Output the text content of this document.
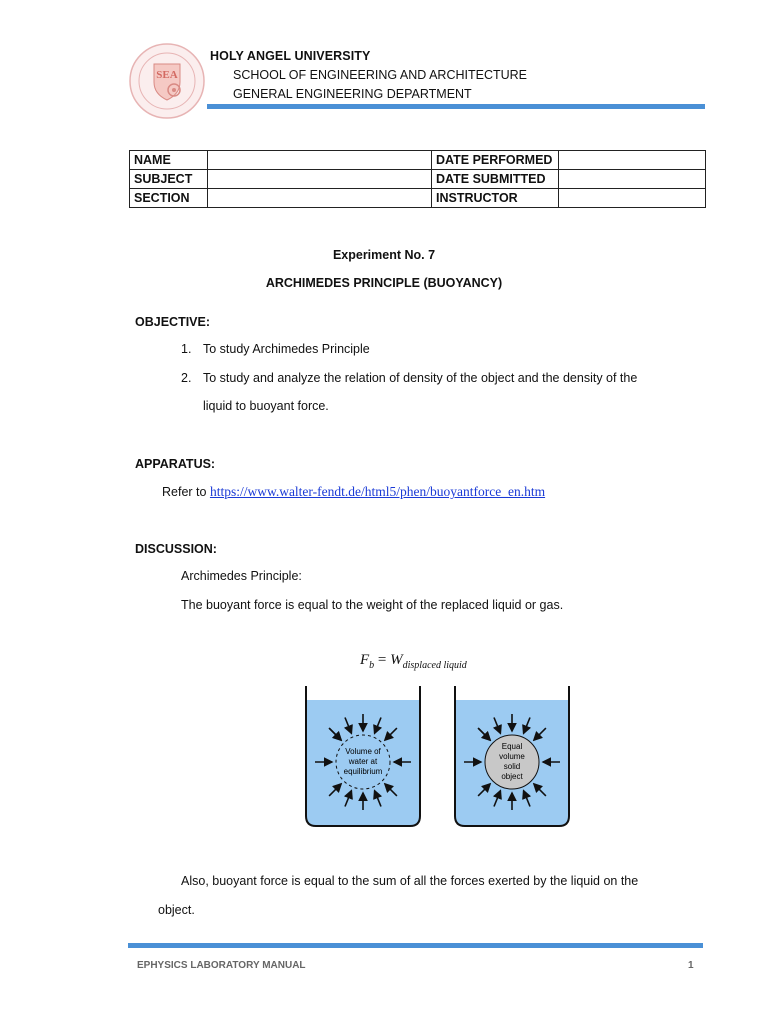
SEA
HOLY ANGEL UNIVERSITY
SCHOOL OF ENGINEERING AND ARCHITECTURE
GENERAL ENGINEERING DEPARTMENT
NAME		DATE PERFORMED	
SUBJECT		DATE SUBMITTED	
SECTION		INSTRUCTOR	
Experiment No. 7
ARCHIMEDES PRINCIPLE (BUOYANCY)
OBJECTIVE:
1. To study Archimedes Principle
2. To study and analyze the relation of density of the object and the density of the
liquid to buoyant force.
APPARATUS:
Refer to https://www.walter-fendt.de/html5/phen/buoyantforce_en.htm
DISCUSSION:
Archimedes Principle:
The buoyant force is equal to the weight of the replaced liquid or gas.
$F_b = W_{displaced liquid}$
Volume of
water at
equilibrium
Equal
volume
solid
object
Also, buoyant force is equal to the sum of all the forces exerted by the liquid on the
object.
EPHYSICS LABORATORY MANUAL	1
